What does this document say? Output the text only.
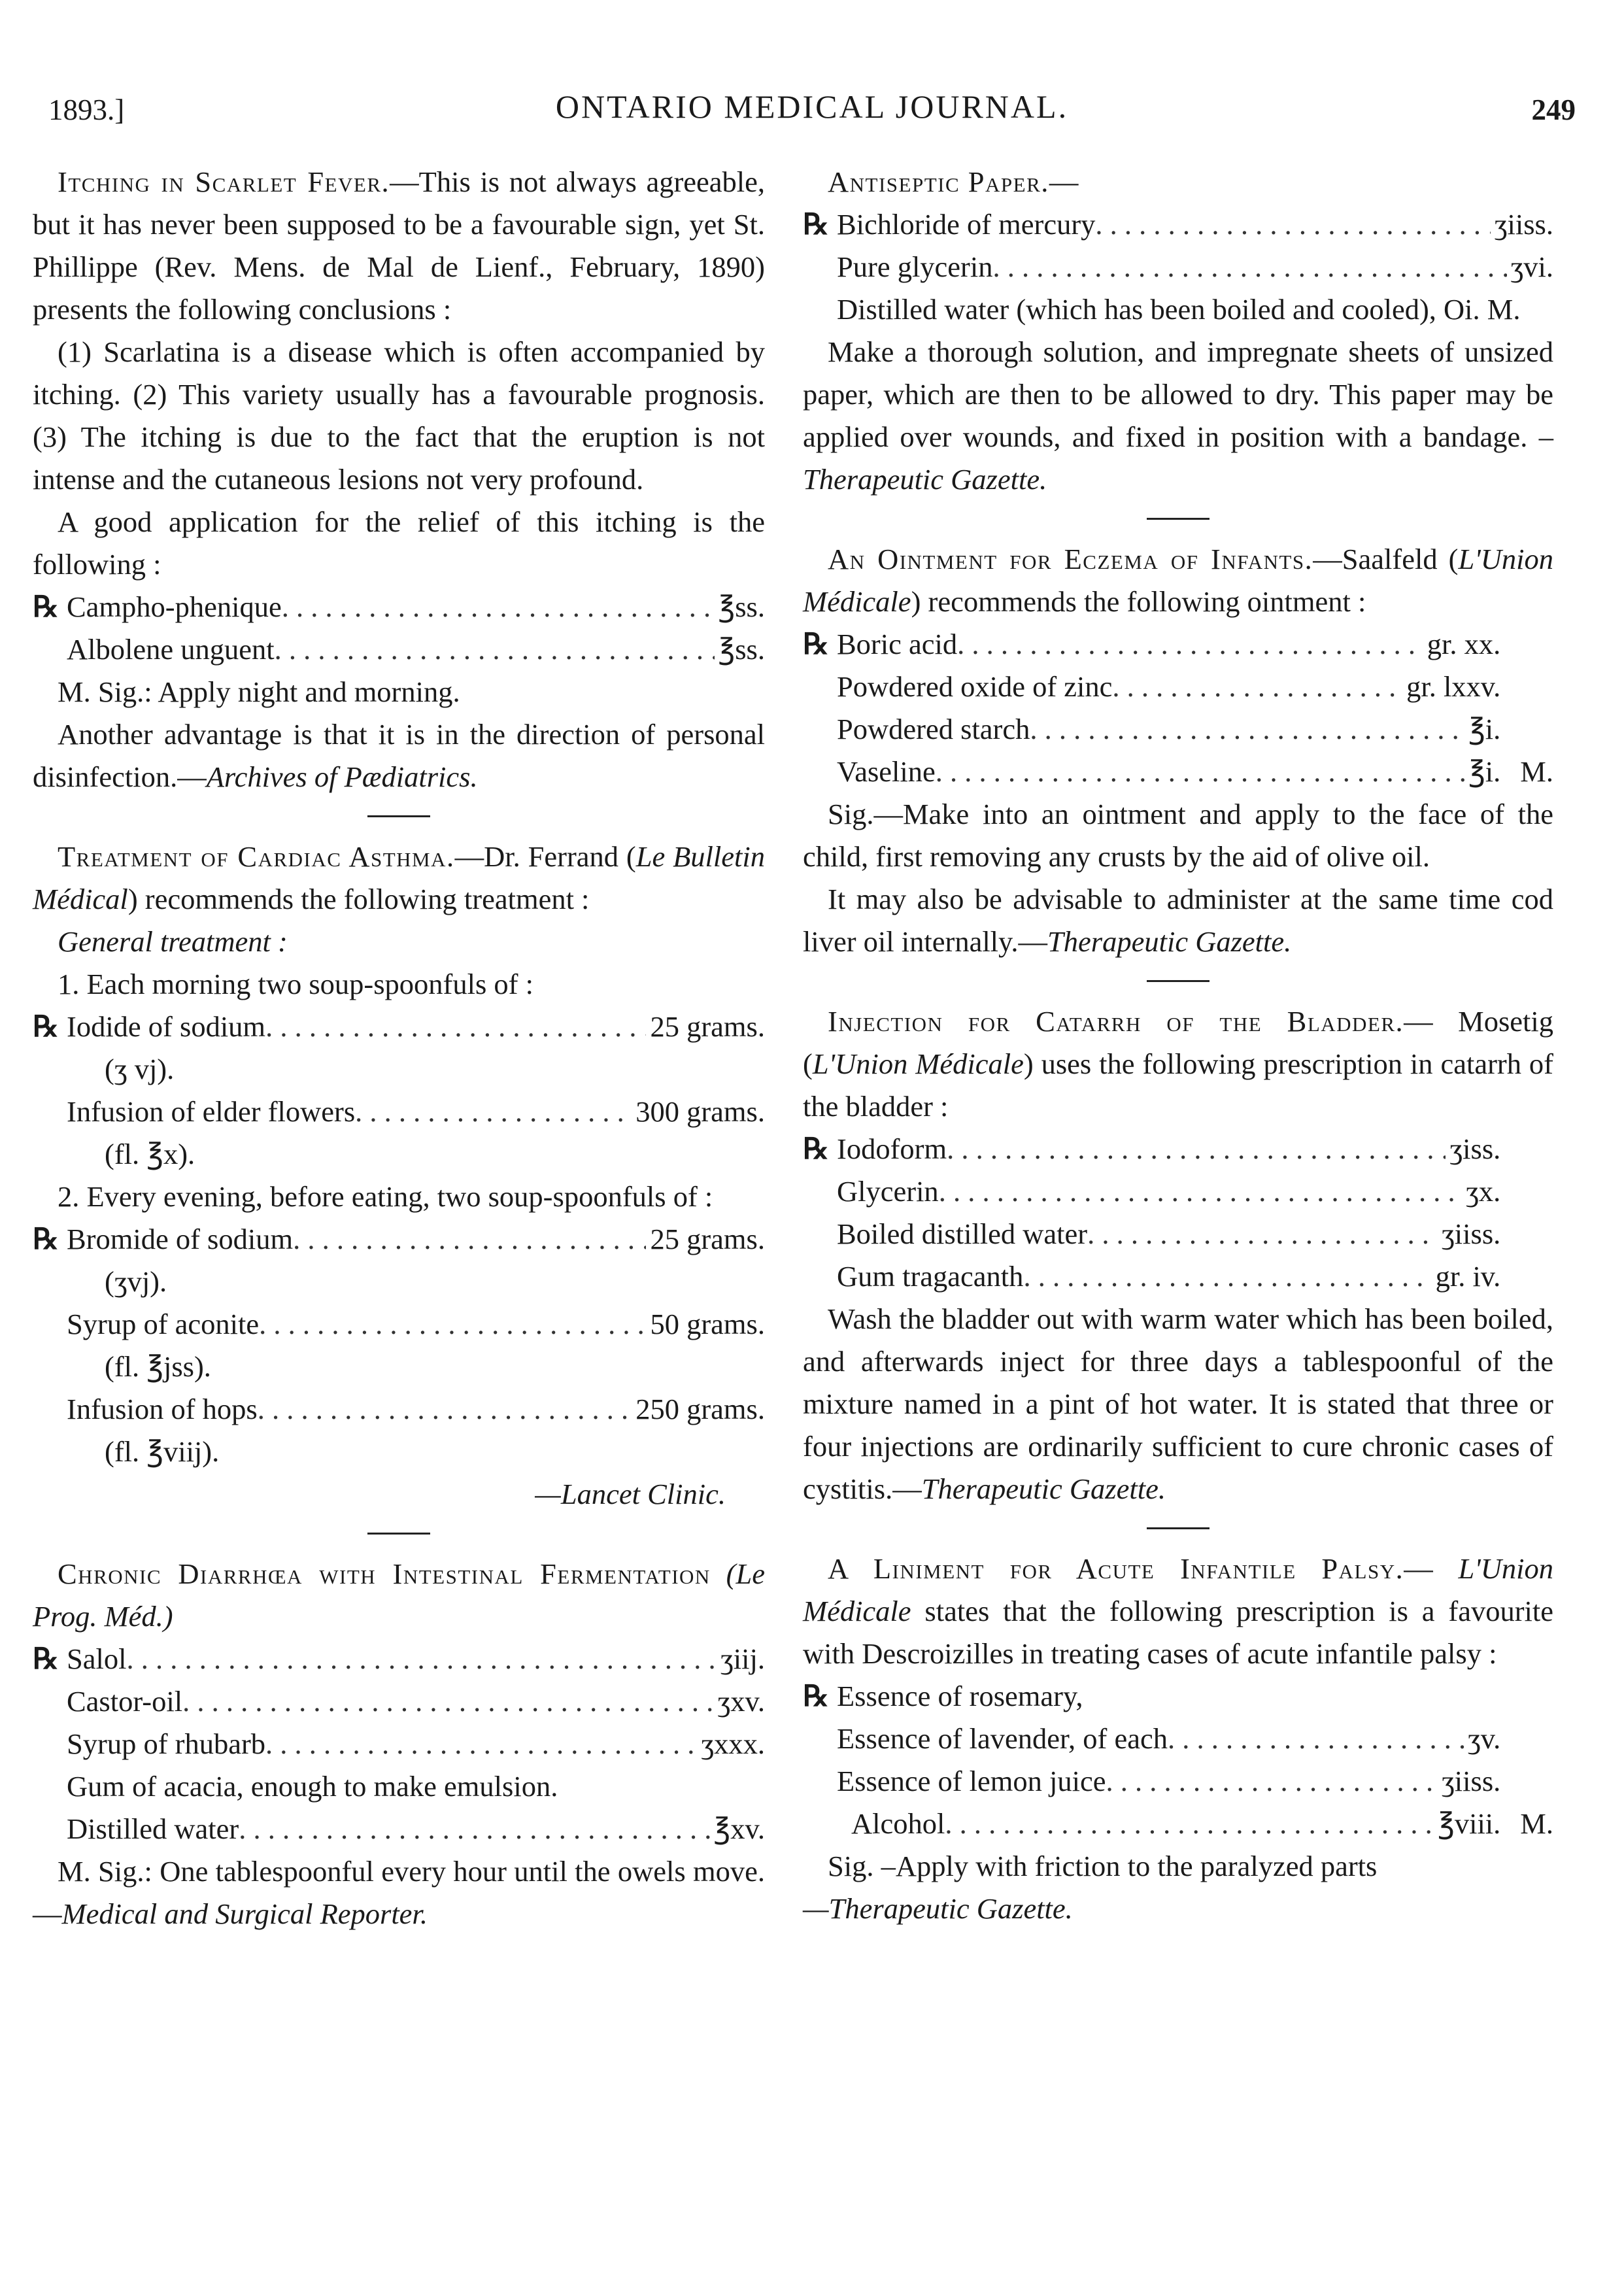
1893.]	ONTARIO MEDICAL JOURNAL.	249

Itching in Scarlet Fever.—This is not always agreeable, but it has never been supposed to be a favourable sign, yet St. Phillippe (Rev. Mens. de Mal de Lienf., February, 1890) presents the following conclusions :

(1) Scarlatina is a disease which is often accompanied by itching. (2) This variety usually has a favourable prognosis. (3) The itching is due to the fact that the eruption is not intense and the cutaneous lesions not very profound.

A good application for the relief of this itching is the following :

℞ Campho-phenique . . .	℥ss.
Albolene unguent . . .	℥ss.

M. Sig.: Apply night and morning.

Another advantage is that it is in the direction of personal disinfection.—Archives of Pædiatrics.

Treatment of Cardiac Asthma.—Dr. Ferrand (Le Bulletin Médical) recommends the following treatment :

General treatment :

1. Each morning two soup-spoonfuls of :

℞ Iodide of sodium . . .	25 grams.

(ʒ vj).

Infusion of elder flowers . . .	300 grams.

(fl. ℥x).

2. Every evening, before eating, two soup-spoonfuls of :

℞ Bromide of sodium . . .	25 grams.

(ʒvj).

Syrup of aconite . . .	50 grams.

(fl. ℥jss).

Infusion of hops . . .	250 grams.

(fl. ℥viij).

—Lancet Clinic.

Chronic Diarrhœa with Intestinal Fermentation (Le Prog. Méd.)

℞ Salol . . .	ʒiij.
Castor-oil . . .	ʒxv.
Syrup of rhubarb . . .	ʒxxx.

Gum of acacia, enough to make emulsion.

Distilled water . . .	℥xv.

M. Sig.: One tablespoonful every hour until the owels move.—Medical and Surgical Reporter.

Antiseptic Paper.—

℞ Bichloride of mercury . . .	ʒiiss.
Pure glycerin . . .	ʒvi.

Distilled water (which has been boiled and cooled), Oi. M.

Make a thorough solution, and impregnate sheets of unsized paper, which are then to be allowed to dry. This paper may be applied over wounds, and fixed in position with a bandage. –Therapeutic Gazette.

An Ointment for Eczema of Infants.—Saalfeld (L'Union Médicale) recommends the following ointment :

℞ Boric acid . . .	gr. xx.
Powdered oxide of zinc . . .	gr. lxxv.
Powdered starch . . .	℥i.
Vaseline . . .	℥i. M.

Sig.—Make into an ointment and apply to the face of the child, first removing any crusts by the aid of olive oil.

It may also be advisable to administer at the same time cod liver oil internally.—Therapeutic Gazette.

Injection for Catarrh of the Bladder.— Mosetig (L'Union Médicale) uses the following prescription in catarrh of the bladder :

℞ Iodoform . . .	ʒiss.
Glycerin . . .	ʒx.
Boiled distilled water . . .	ʒiiss.
Gum tragacanth . . .	gr. iv.

Wash the bladder out with warm water which has been boiled, and afterwards inject for three days a tablespoonful of the mixture named in a pint of hot water. It is stated that three or four injections are ordinarily sufficient to cure chronic cases of cystitis.—Therapeutic Gazette.

A Liniment for Acute Infantile Palsy.— L'Union Médicale states that the following prescription is a favourite with Descroizilles in treating cases of acute infantile palsy :

℞ Essence of rosemary,
Essence of lavender, of each . . .	ʒv.
Essence of lemon juice . . .	ʒiiss.
Alcohol . . .	℥viii. M.

Sig. –Apply with friction to the paralyzed parts

—Therapeutic Gazette.
